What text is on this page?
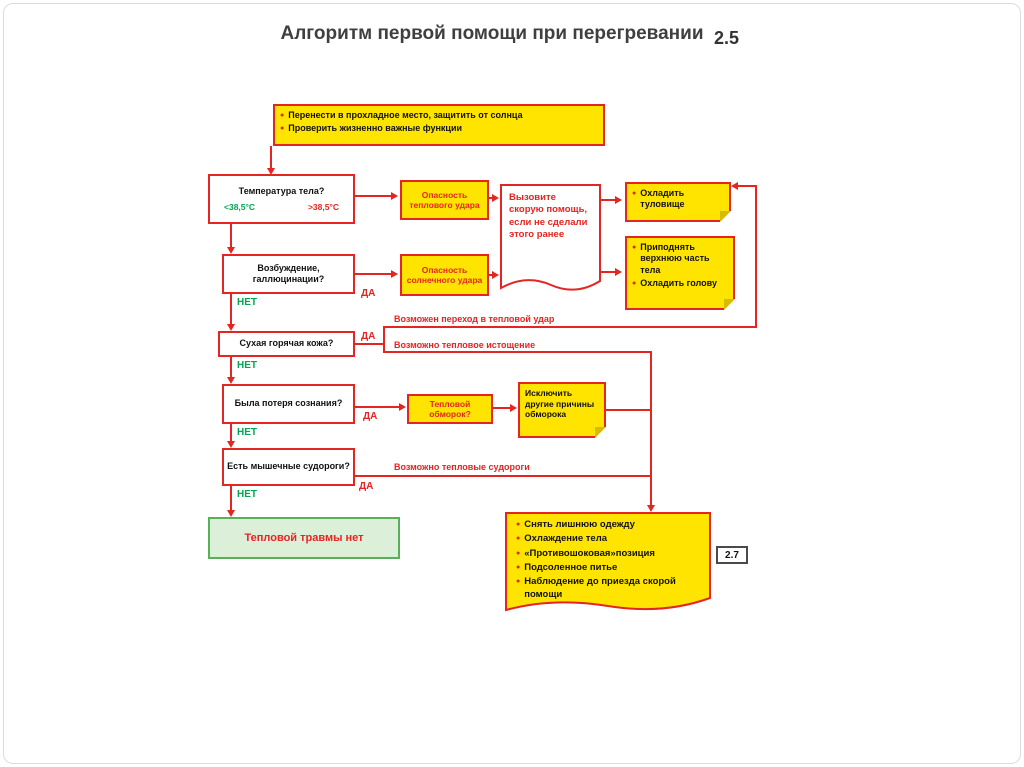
Алгоритм первой помощи при перегревании 2.5
● Перенести в прохладное место, защитить от солнца
● Проверить жизненно важные функции
Температура тела?
<38,5°C	>38,5°C
Опасность теплового удара
Вызовите скорую помощь, если не сделали этого ранее
● Охладить туловище
● Приподнять верхнюю часть тела
● Охладить голову
Возбуждение, галлюцинации?
ДА
НЕТ
Опасность солнечного удара
Сухая горячая кожа?
ДА
НЕТ
Возможен переход в тепловой удар
Возможно тепловое истощение
Была потеря сознания?
ДА
НЕТ
Тепловой обморок?
Исключить другие причины обморока
Есть мышечные судороги?	Возможно тепловые судороги
ДА
НЕТ
Тепловой травмы нет
● Снять лишнюю одежду
● Охлаждение тела
● «Противошоковая»позиция
● Подсоленное питье
● Наблюдение до приезда скорой помощи
2.7
